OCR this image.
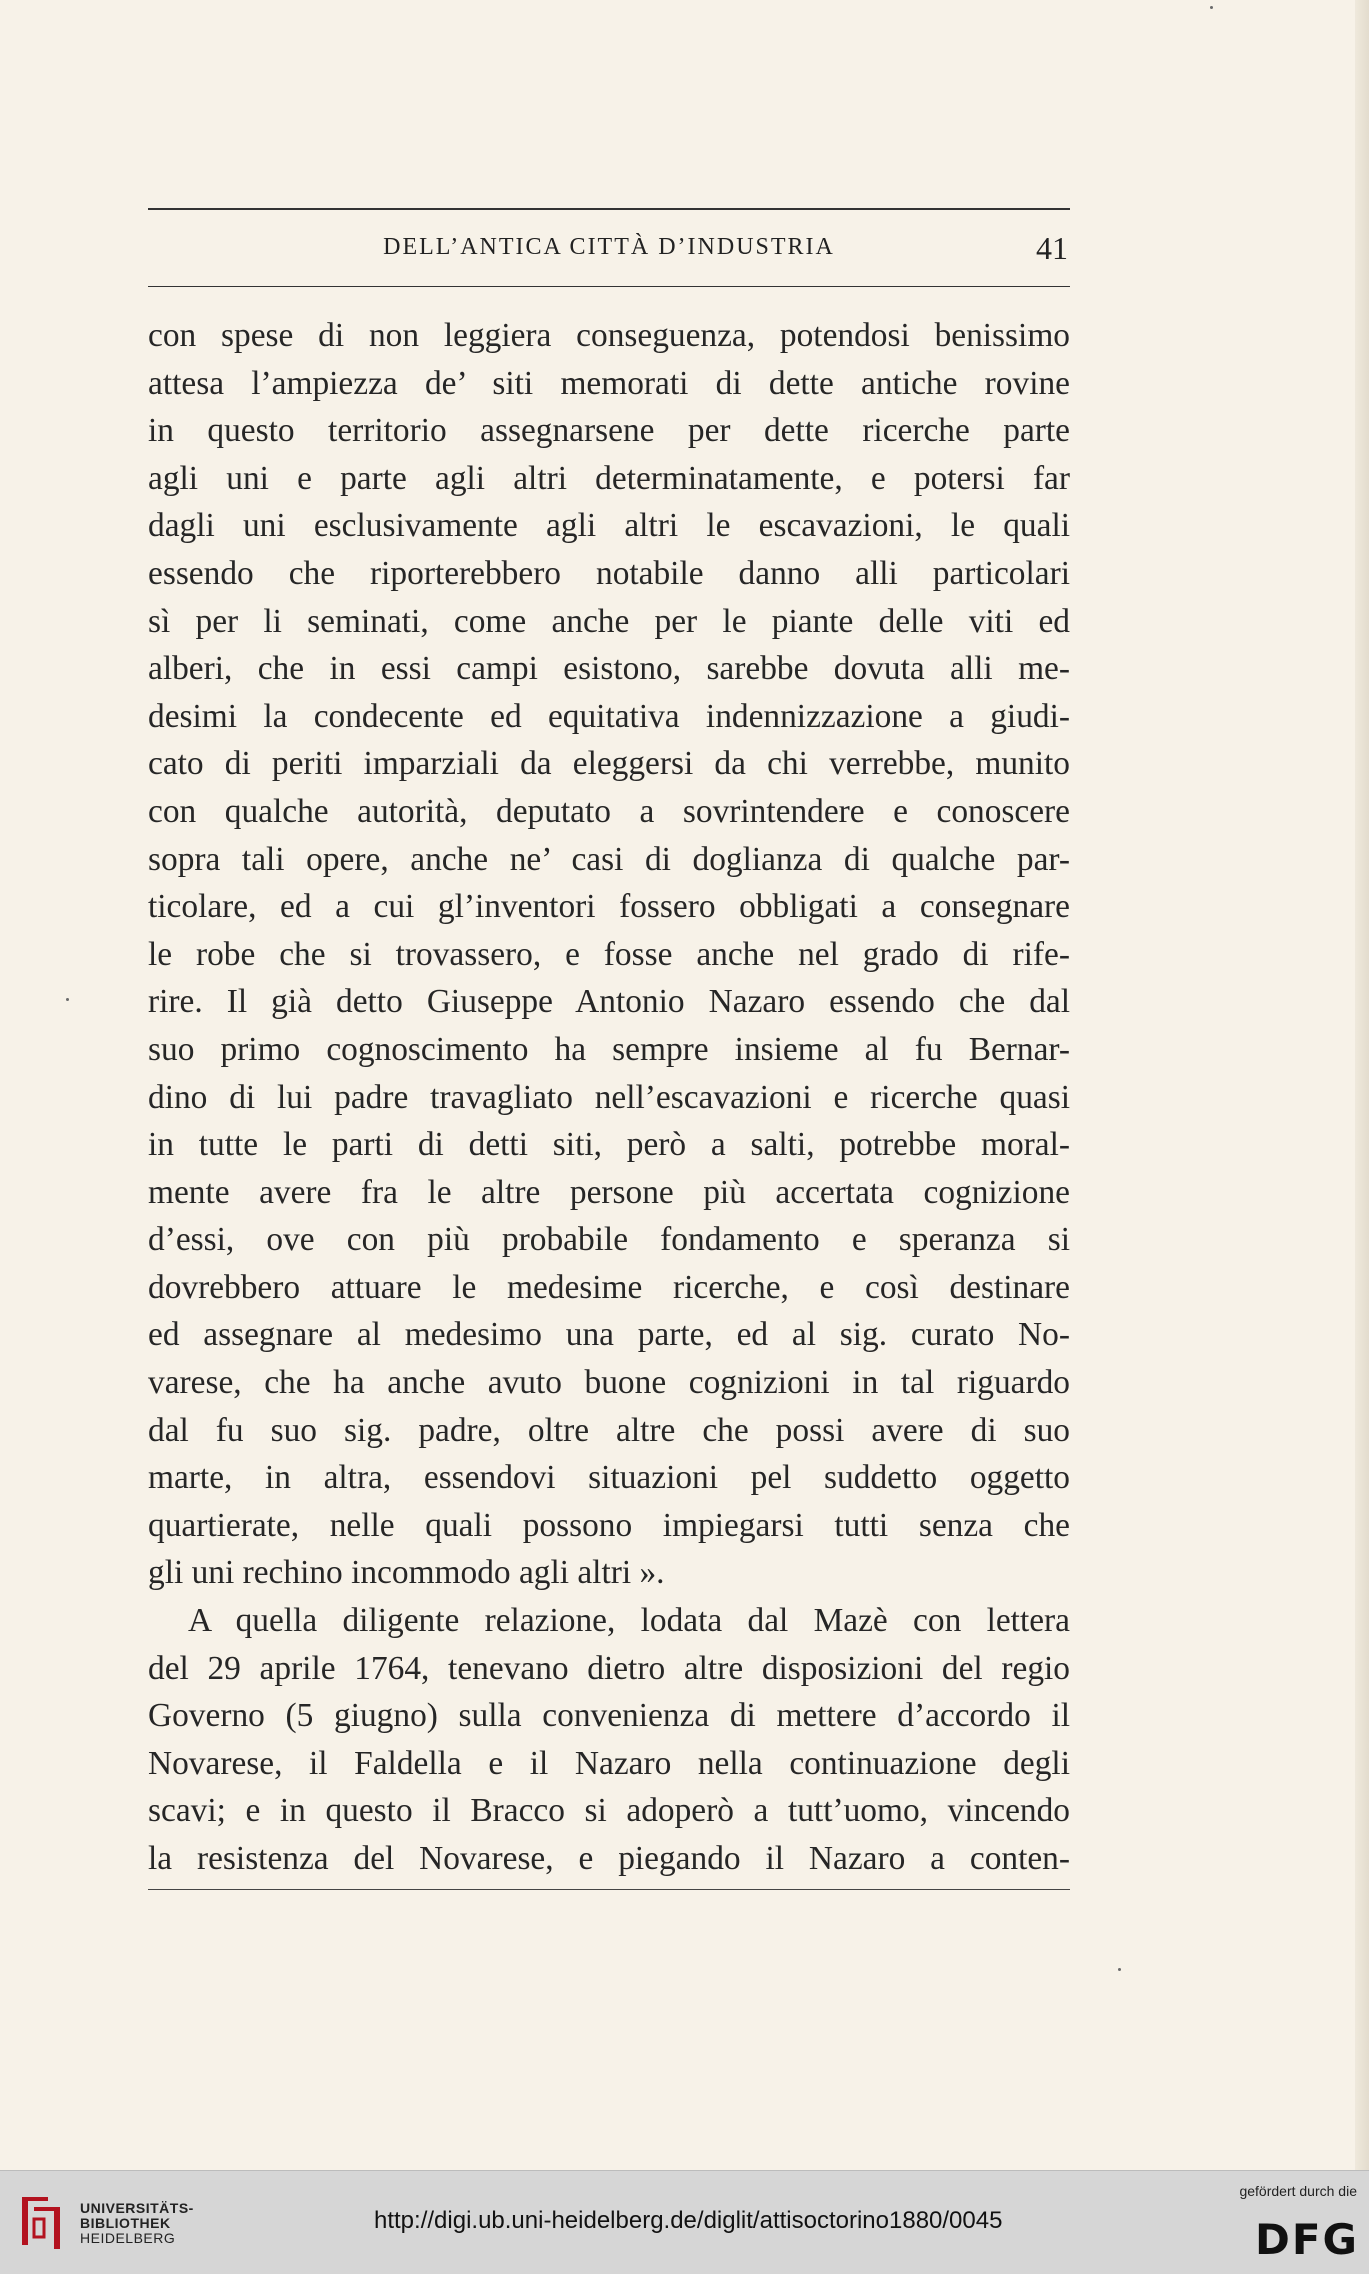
DELL’ANTICA CITTÀ D’INDUSTRIA	41
con spese di non leggiera conseguenza, potendosi benissimo
attesa l’ampiezza de’ siti memorati di dette antiche rovine
in questo territorio assegnarsene per dette ricerche parte
agli uni e parte agli altri determinatamente, e potersi far
dagli uni esclusivamente agli altri le escavazioni, le quali
essendo che riporterebbero notabile danno alli particolari
sì per li seminati, come anche per le piante delle viti ed
alberi, che in essi campi esistono, sarebbe dovuta alli me-
desimi la condecente ed equitativa indennizzazione a giudi-
cato di periti imparziali da eleggersi da chi verrebbe, munito
con qualche autorità, deputato a sovrintendere e conoscere
sopra tali opere, anche ne’ casi di doglianza di qualche par-
ticolare, ed a cui gl’inventori fossero obbligati a consegnare
le robe che si trovassero, e fosse anche nel grado di rife-
rire. Il già detto Giuseppe Antonio Nazaro essendo che dal
suo primo cognoscimento ha sempre insieme al fu Bernar-
dino di lui padre travagliato nell’escavazioni e ricerche quasi
in tutte le parti di detti siti, però a salti, potrebbe moral-
mente avere fra le altre persone più accertata cognizione
d’essi, ove con più probabile fondamento e speranza si
dovrebbero attuare le medesime ricerche, e così destinare
ed assegnare al medesimo una parte, ed al sig. curato No-
varese, che ha anche avuto buone cognizioni in tal riguardo
dal fu suo sig. padre, oltre altre che possi avere di suo
marte, in altra, essendovi situazioni pel suddetto oggetto
quartierate, nelle quali possono impiegarsi tutti senza che
gli uni rechino incommodo agli altri ».
A quella diligente relazione, lodata dal Mazè con lettera
del 29 aprile 1764, tenevano dietro altre disposizioni del regio
Governo (5 giugno) sulla convenienza di mettere d’accordo il
Novarese, il Faldella e il Nazaro nella continuazione degli
scavi; e in questo il Bracco si adoperò a tutt’uomo, vincendo
la resistenza del Novarese, e piegando il Nazaro a conten-
UNIVERSITÄTS-
BIBLIOTHEK
HEIDELBERG
http://digi.ub.uni-heidelberg.de/diglit/attisoctorino1880/0045
gefördert durch die
DFG
